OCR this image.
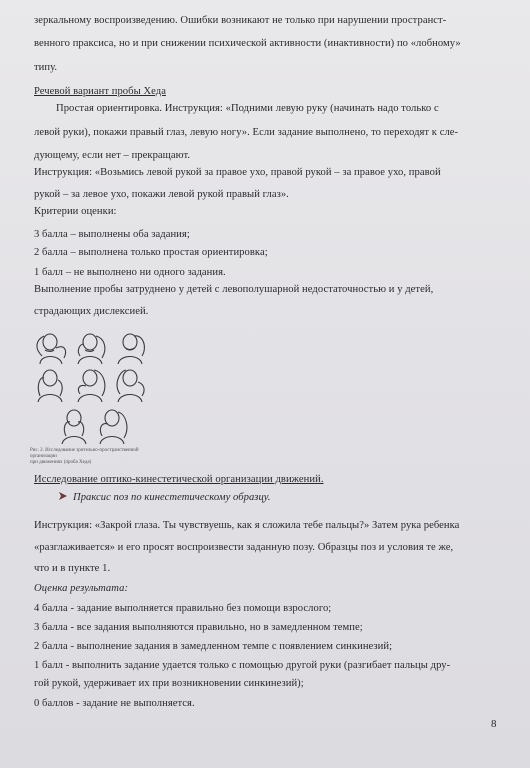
зеркальному воспроизведению. Ошибки возникают не только при нарушении пространст-
венного праксиса, но и при снижении психической активности (инактивности) по «лобному»
типу.
Речевой вариант пробы Хеда
Простая ориентировка. Инструкция: «Подними левую руку (начинать надо только с
левой руки), покажи правый глаз, левую ногу». Если задание выполнено, то переходят к сле-
дующему, если нет – прекращают.
Инструкция: «Возьмись левой рукой за правое ухо, правой рукой – за правое ухо, правой
рукой – за левое ухо, покажи левой рукой правый глаз».
Критерии оценки:
3 балла – выполнены оба задания;
2 балла – выполнена только простая ориентировка;
1 балл – не выполнено ни одного задания.
Выполнение пробы затруднено у детей с левополушарной недостаточностью и у детей,
страдающих дислексией.
Рис. 2. Исследование зрительно-пространственной организации
при движениях (проба Хеда)
Исследование оптико-кинестетической организации движений.
Праксис поз по кинестетическому образцу.
Инструкция: «Закрой глаза. Ты чувствуешь, как я сложила тебе пальцы?» Затем рука ребенка
«разглаживается» и его просят воспроизвести заданную позу. Образцы поз и условия те же,
что и в пункте 1.
Оценка результата:
4 балла - задание выполняется правильно без помощи взрослого;
3 балла - все задания выполняются правильно, но в замедленном темпе;
2 балла - выполнение задания в замедленном темпе с появлением синкинезий;
1 балл - выполнить задание удается только с помощью другой руки (разгибает пальцы дру-
гой рукой, удерживает их при возникновении синкинезий);
0 баллов - задание не выполняется.
8
